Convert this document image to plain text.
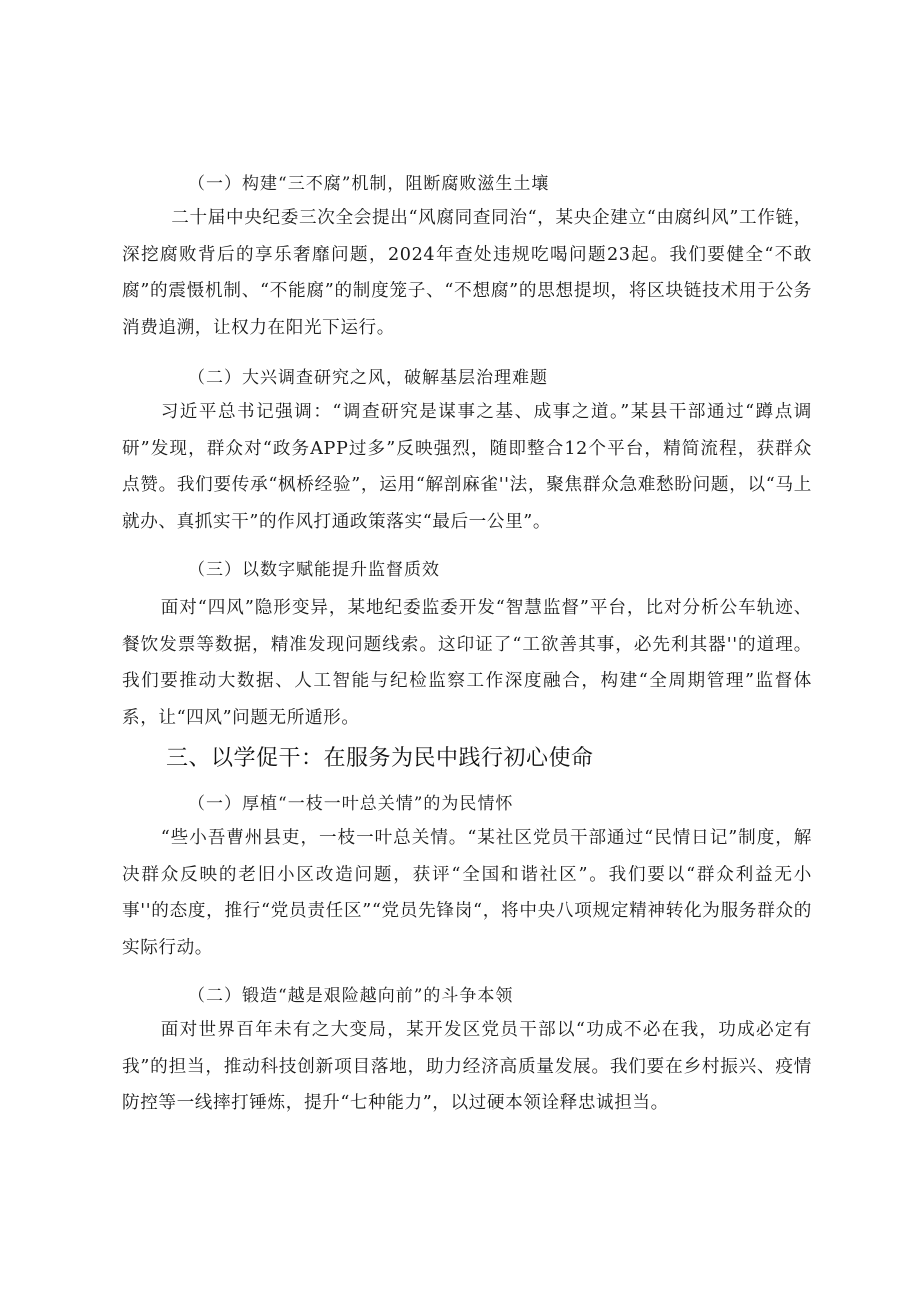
（一）构建“三不腐”机制，阻断腐败滋生土壤
二十届中央纪委三次全会提出“风腐同查同治“，某央企建立“由腐纠风”工作链，深挖腐败背后的享乐奢靡问题，2024年查处违规吃喝问题23起。我们要健全“不敢腐”的震慑机制、“不能腐”的制度笼子、“不想腐”的思想提坝，将区块链技术用于公务消费追溯，让权力在阳光下运行。
（二）大兴调查研究之风，破解基层治理难题
习近平总书记强调：“调查研究是谋事之基、成事之道。”某县干部通过“蹲点调研”发现，群众对“政务APP过多”反映强烈，随即整合12个平台，精简流程，获群众点赞。我们要传承“枫桥经验”，运用“解剖麻雀''法，聚焦群众急难愁盼问题，以“马上就办、真抓实干”的作风打通政策落实“最后一公里”。
（三）以数字赋能提升监督质效
面对“四风”隐形变异，某地纪委监委开发“智慧监督”平台，比对分析公车轨迹、餐饮发票等数据，精准发现问题线索。这印证了“工欲善其事，必先利其器''的道理。我们要推动大数据、人工智能与纪检监察工作深度融合，构建“全周期管理”监督体系，让“四风”问题无所遁形。
三、以学促干：在服务为民中践行初心使命
（一）厚植“一枝一叶总关情”的为民情怀
“些小吾曹州县吏，一枝一叶总关情。“某社区党员干部通过“民情日记”制度，解决群众反映的老旧小区改造问题，获评“全国和谐社区”。我们要以“群众利益无小事''的态度，推行“党员责任区”“党员先锋岗“，将中央八项规定精神转化为服务群众的实际行动。
（二）锻造“越是艰险越向前”的斗争本领
面对世界百年未有之大变局，某开发区党员干部以“功成不必在我，功成必定有我”的担当，推动科技创新项目落地，助力经济高质量发展。我们要在乡村振兴、疫情防控等一线摔打锤炼，提升“七种能力”，以过硬本领诠释忠诚担当。
